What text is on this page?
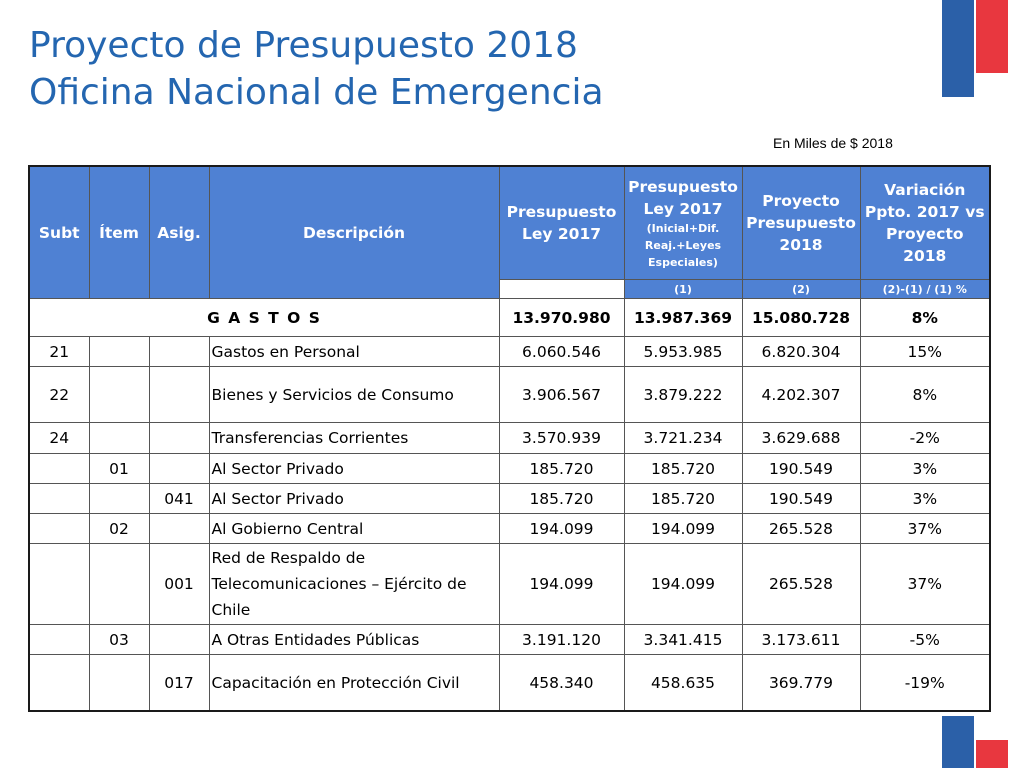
Proyecto de Presupuesto 2018
Oficina Nacional de Emergencia
En Miles de $ 2018
Subt	Ítem	Asig.	Descripción	Presupuesto Ley 2017	Presupuesto Ley 2017
(Inicial+Dif. Reaj.+Leyes Especiales)	Proyecto Presupuesto 2018	Variación Ppto. 2017 vs Proyecto 2018
					(1)	(2)	(2)-(1) / (1) %
G A S T O S				13.970.980	13.987.369	15.080.728	8%
21			Gastos en Personal	6.060.546	5.953.985	6.820.304	15%
22			Bienes y Servicios de Consumo	3.906.567	3.879.222	4.202.307	8%
24			Transferencias Corrientes	3.570.939	3.721.234	3.629.688	-2%
	01		Al Sector Privado	185.720	185.720	190.549	3%
		041	Al Sector Privado	185.720	185.720	190.549	3%
	02		Al Gobierno Central	194.099	194.099	265.528	37%
		001	Red de Respaldo de Telecomunicaciones – Ejército de Chile	194.099	194.099	265.528	37%
	03		A Otras Entidades Públicas	3.191.120	3.341.415	3.173.611	-5%
		017	Capacitación en Protección Civil	458.340	458.635	369.779	-19%
